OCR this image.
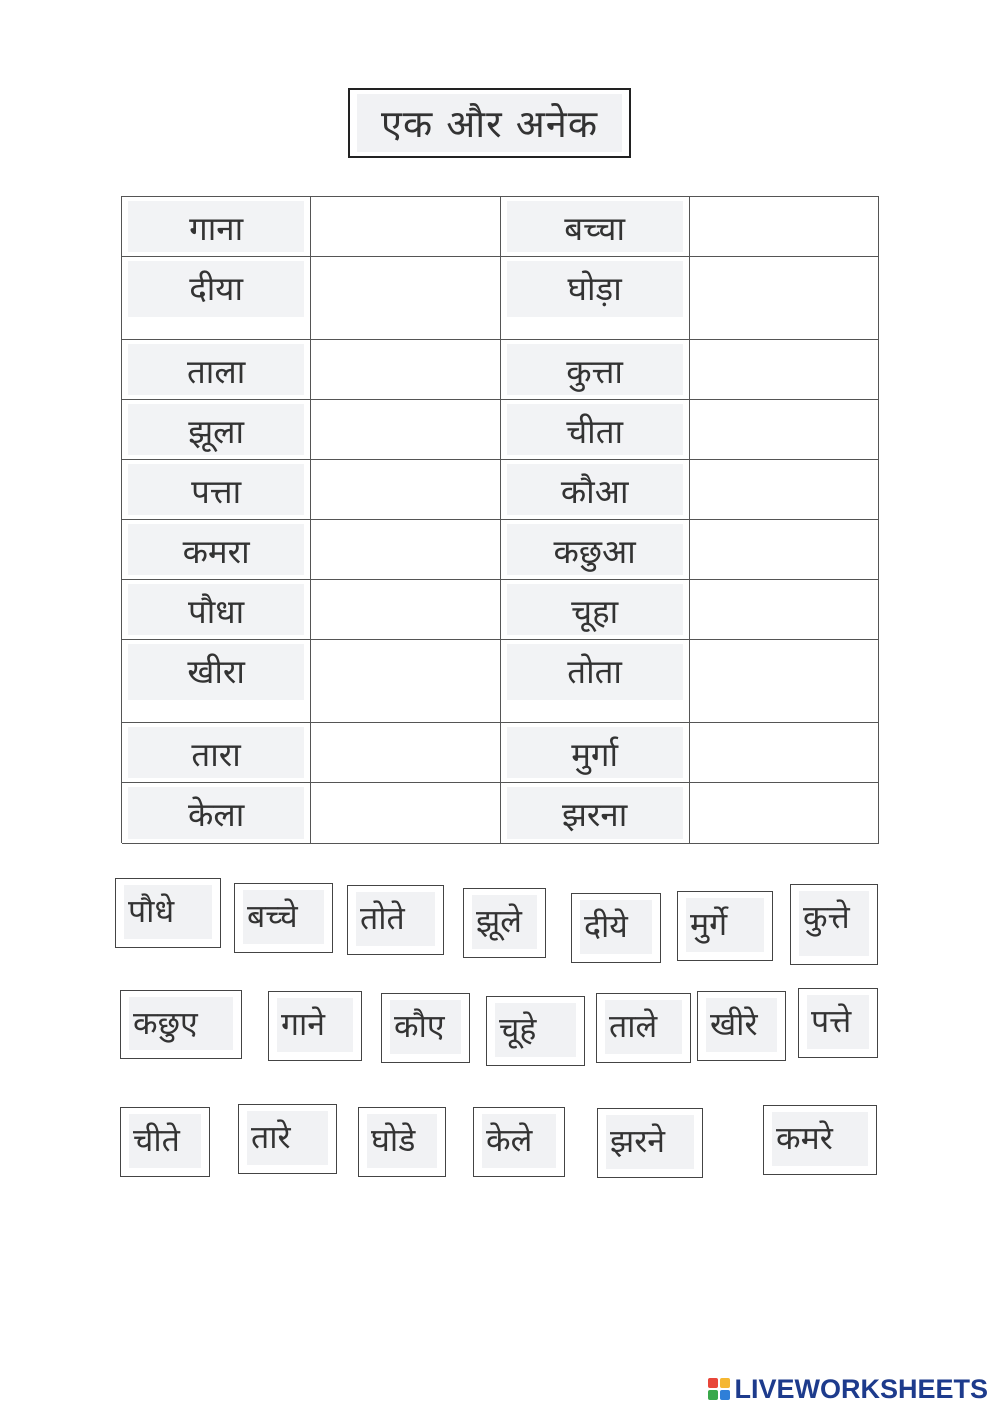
एक और अनेक
गाना	बच्चा
दीया	घोड़ा
ताला	कुत्ता
झूला	चीता
पत्ता	कौआ
कमरा	कछुआ
पौधा	चूहा
खीरा	तोता
तारा	मुर्गा
केला	झरना
पौधे बच्चे तोते झूले दीये मुर्गे कुत्ते
कछुए	गाने कौए चूहे ताले खीरे पत्ते
चीते तारे	घोडे केले झरने	कमरे
LIVEWORKSHEETS
